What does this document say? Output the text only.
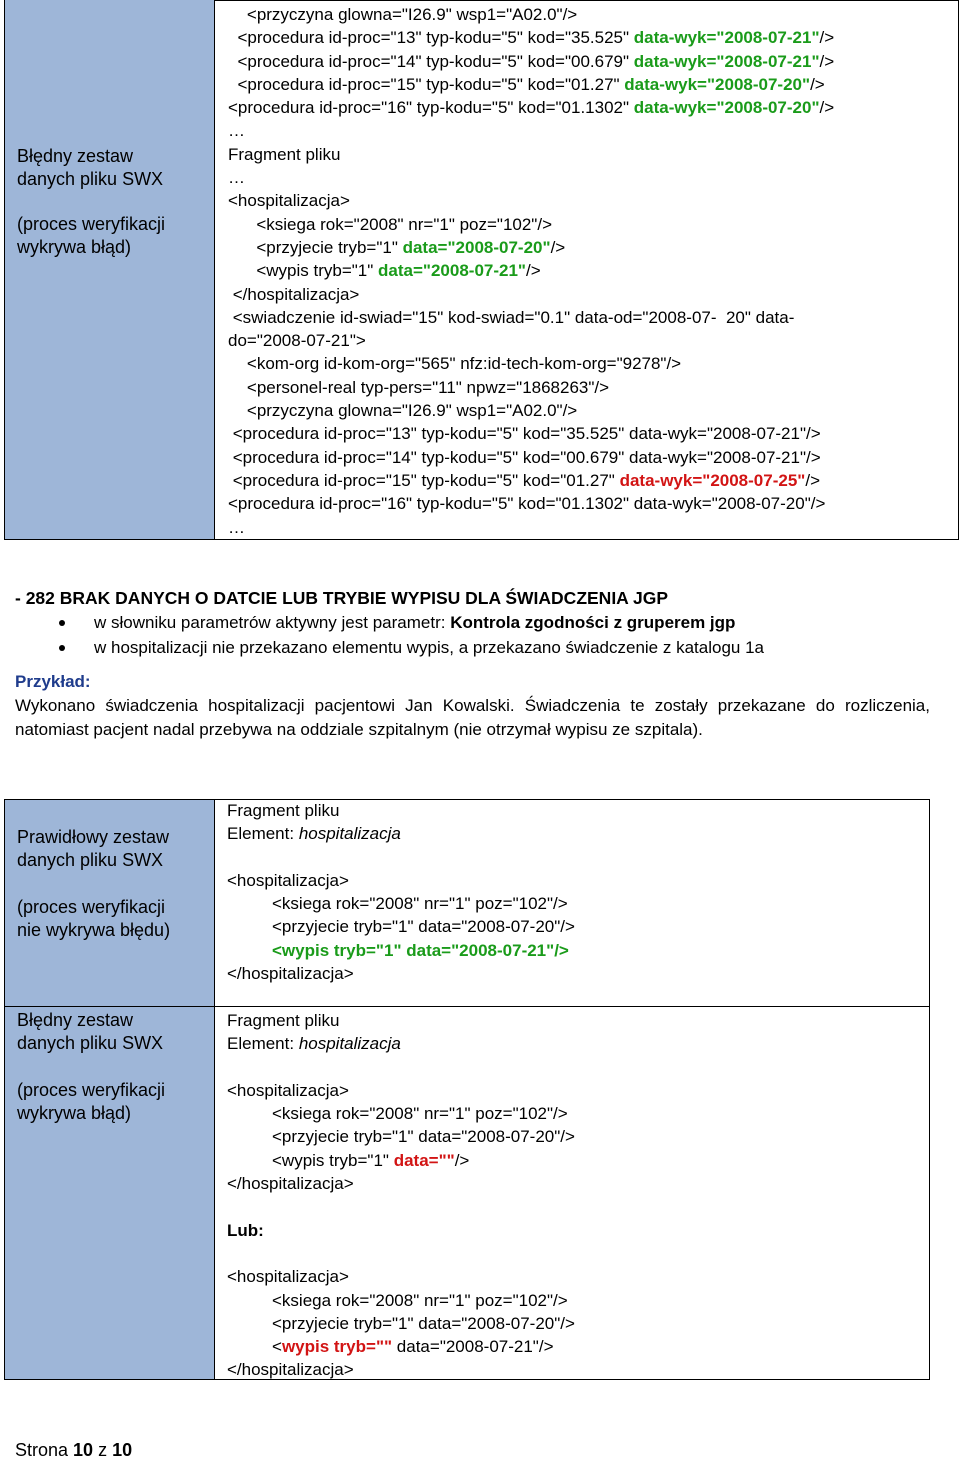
Błędny zestaw
danych pliku SWX
(proces weryfikacji
wykrywa błąd)
<przyczyna glowna="I26.9" wsp1="A02.0"/>
<procedura id-proc="13" typ-kodu="5" kod="35.525" data-wyk="2008-07-21"/>
<procedura id-proc="14" typ-kodu="5" kod="00.679" data-wyk="2008-07-21"/>
<procedura id-proc="15" typ-kodu="5" kod="01.27" data-wyk="2008-07-20"/>
<procedura id-proc="16" typ-kodu="5" kod="01.1302" data-wyk="2008-07-20"/>
…
Fragment pliku
…
<hospitalizacja>
<ksiega rok="2008" nr="1" poz="102"/>
<przyjecie tryb="1" data="2008-07-20"/>
<wypis tryb="1" data="2008-07-21"/>
</hospitalizacja>
<swiadczenie id-swiad="15" kod-swiad="0.1" data-od="2008-07-  20" data-
do="2008-07-21">
<kom-org id-kom-org="565" nfz:id-tech-kom-org="9278"/>
<personel-real typ-pers="11" npwz="1868263"/>
<przyczyna glowna="I26.9" wsp1="A02.0"/>
<procedura id-proc="13" typ-kodu="5" kod="35.525" data-wyk="2008-07-21"/>
<procedura id-proc="14" typ-kodu="5" kod="00.679" data-wyk="2008-07-21"/>
<procedura id-proc="15" typ-kodu="5" kod="01.27" data-wyk="2008-07-25"/>
<procedura id-proc="16" typ-kodu="5" kod="01.1302" data-wyk="2008-07-20"/>
…
- 282 BRAK DANYCH O DATCIE LUB TRYBIE WYPISU DLA ŚWIADCZENIA JGP
w słowniku parametrów aktywny jest parametr: Kontrola zgodności z gruperem jgp
w hospitalizacji nie przekazano elementu wypis, a przekazano świadczenie z katalogu 1a
Przykład:
Wykonano świadczenia hospitalizacji pacjentowi Jan Kowalski. Świadczenia te zostały przekazane do rozliczenia, natomiast pacjent nadal przebywa na oddziale szpitalnym (nie otrzymał wypisu ze szpitala).
Prawidłowy zestaw
danych pliku SWX
(proces weryfikacji
nie wykrywa błędu)
Fragment pliku
Element: hospitalizacja
<hospitalizacja>
<ksiega rok="2008" nr="1" poz="102"/>
<przyjecie tryb="1" data="2008-07-20"/>
<wypis tryb="1" data="2008-07-21"/>
</hospitalizacja>
Błędny zestaw
danych pliku SWX
(proces weryfikacji
wykrywa błąd)
Fragment pliku
Element: hospitalizacja
<hospitalizacja>
<ksiega rok="2008" nr="1" poz="102"/>
<przyjecie tryb="1" data="2008-07-20"/>
<wypis tryb="1" data=""/>
</hospitalizacja>
Lub:
<hospitalizacja>
<ksiega rok="2008" nr="1" poz="102"/>
<przyjecie tryb="1" data="2008-07-20"/>
<wypis tryb="" data="2008-07-21"/>
</hospitalizacja>
Strona 10 z 10
